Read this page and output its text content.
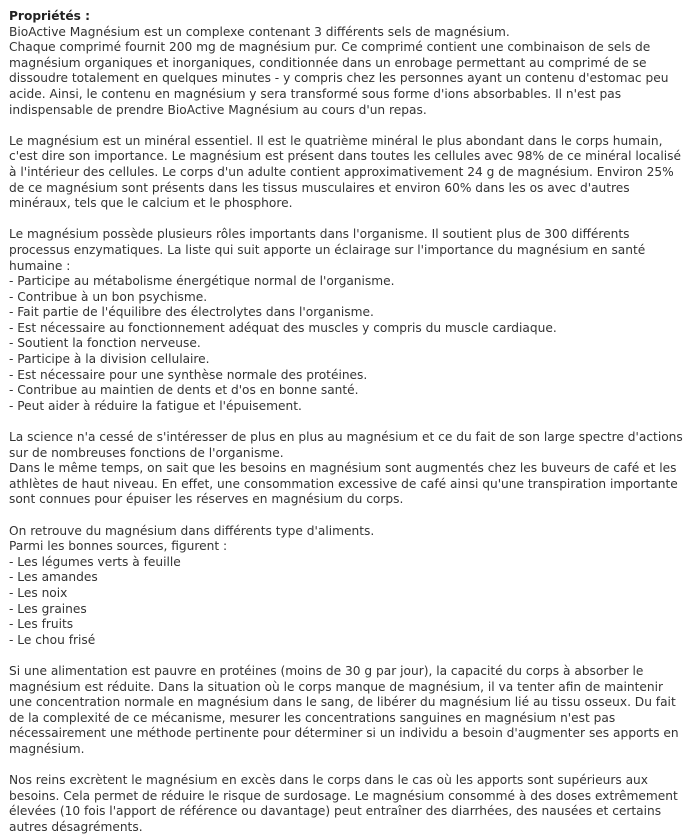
Propriétés :

BioActive Magnésium est un complexe contenant 3 différents sels de magnésium.

Chaque comprimé fournit 200 mg de magnésium pur. Ce comprimé contient une combinaison de sels de magnésium organiques et inorganiques, conditionnée dans un enrobage permettant au comprimé de se dissoudre totalement en quelques minutes - y compris chez les personnes ayant un contenu d'estomac peu acide. Ainsi, le contenu en magnésium y sera transformé sous forme d'ions absorbables. Il n'est pas indispensable de prendre BioActive Magnésium au cours d'un repas.

Le magnésium est un minéral essentiel. Il est le quatrième minéral le plus abondant dans le corps humain, c'est dire son importance. Le magnésium est présent dans toutes les cellules avec 98% de ce minéral localisé à l'intérieur des cellules. Le corps d'un adulte contient approximativement 24 g de magnésium. Environ 25% de ce magnésium sont présents dans les tissus musculaires et environ 60% dans les os avec d'autres minéraux, tels que le calcium et le phosphore.

Le magnésium possède plusieurs rôles importants dans l'organisme. Il soutient plus de 300 différents processus enzymatiques. La liste qui suit apporte un éclairage sur l'importance du magnésium en santé humaine :

- Participe au métabolisme énergétique normal de l'organisme.

- Contribue à un bon psychisme.

- Fait partie de l'équilibre des électrolytes dans l'organisme.

- Est nécessaire au fonctionnement adéquat des muscles y compris du muscle cardiaque.

- Soutient la fonction nerveuse.

- Participe à la division cellulaire.

- Est nécessaire pour une synthèse normale des protéines.

- Contribue au maintien de dents et d'os en bonne santé.

- Peut aider à réduire la fatigue et l'épuisement.

La science n'a cessé de s'intéresser de plus en plus au magnésium et ce du fait de son large spectre d'actions sur de nombreuses fonctions de l'organisme.

Dans le même temps, on sait que les besoins en magnésium sont augmentés chez les buveurs de café et les athlètes de haut niveau. En effet, une consommation excessive de café ainsi qu'une transpiration importante sont connues pour épuiser les réserves en magnésium du corps.

On retrouve du magnésium dans différents type d'aliments.

Parmi les bonnes sources, figurent :

- Les légumes verts à feuille

- Les amandes

- Les noix

- Les graines

- Les fruits

- Le chou frisé

Si une alimentation est pauvre en protéines (moins de 30 g par jour), la capacité du corps à absorber le magnésium est réduite. Dans la situation où le corps manque de magnésium, il va tenter afin de maintenir une concentration normale en magnésium dans le sang, de libérer du magnésium lié au tissu osseux. Du fait de la complexité de ce mécanisme, mesurer les concentrations sanguines en magnésium n'est pas nécessairement une méthode pertinente pour déterminer si un individu a besoin d'augmenter ses apports en magnésium.

Nos reins excrètent le magnésium en excès dans le corps dans le cas où les apports sont supérieurs aux besoins. Cela permet de réduire le risque de surdosage. Le magnésium consommé à des doses extrêmement élevées (10 fois l'apport de référence ou davantage) peut entraîner des diarrhées, des nausées et certains autres désagréments.
